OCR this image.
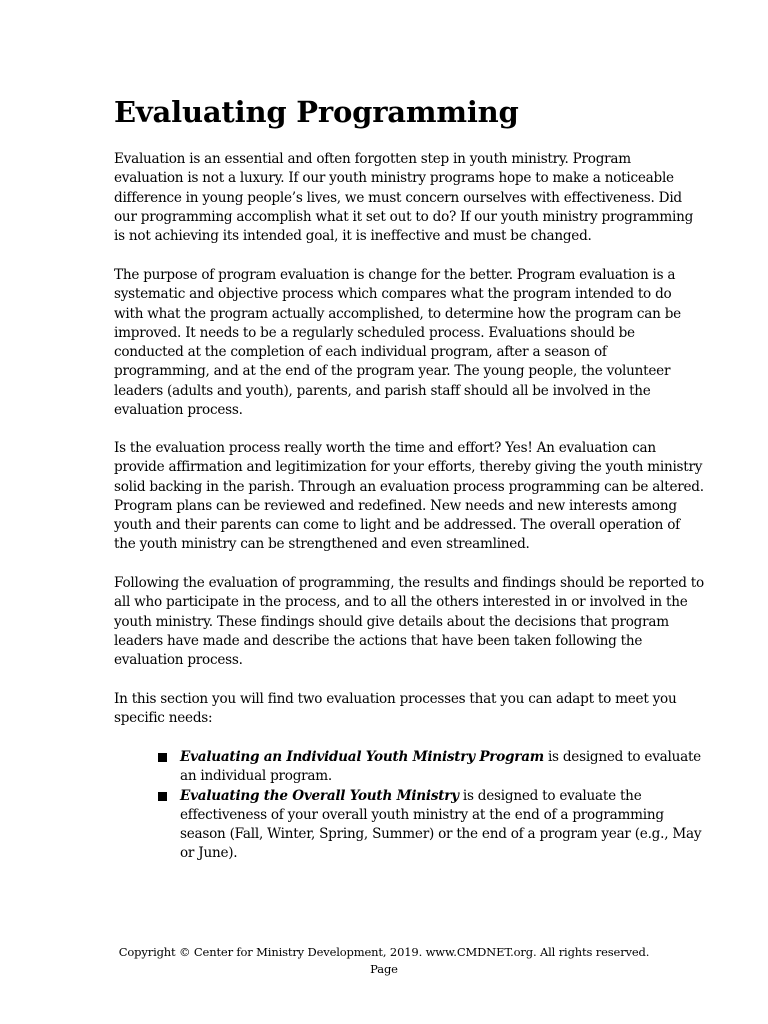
Evaluating Programming

Evaluation is an essential and often forgotten step in youth ministry. Program evaluation is not a luxury. If our youth ministry programs hope to make a noticeable difference in young people’s lives, we must concern ourselves with effectiveness. Did our programming accomplish what it set out to do? If our youth ministry programming is not achieving its intended goal, it is ineffective and must be changed.

The purpose of program evaluation is change for the better. Program evaluation is a systematic and objective process which compares what the program intended to do with what the program actually accomplished, to determine how the program can be improved. It needs to be a regularly scheduled process. Evaluations should be conducted at the completion of each individual program, after a season of programming, and at the end of the program year. The young people, the volunteer leaders (adults and youth), parents, and parish staff should all be involved in the evaluation process.

Is the evaluation process really worth the time and effort? Yes! An evaluation can provide affirmation and legitimization for your efforts, thereby giving the youth ministry solid backing in the parish. Through an evaluation process programming can be altered. Program plans can be reviewed and redefined. New needs and new interests among youth and their parents can come to light and be addressed. The overall operation of the youth ministry can be strengthened and even streamlined.

Following the evaluation of programming, the results and findings should be reported to all who participate in the process, and to all the others interested in or involved in the youth ministry. These findings should give details about the decisions that program leaders have made and describe the actions that have been taken following the evaluation process.

In this section you will find two evaluation processes that you can adapt to meet you specific needs:

Evaluating an Individual Youth Ministry Program is designed to evaluate an individual program.
Evaluating the Overall Youth Ministry is designed to evaluate the effectiveness of your overall youth ministry at the end of a programming season (Fall, Winter, Spring, Summer) or the end of a program year (e.g., May or June).

Copyright © Center for Ministry Development, 2019. www.CMDNET.org. All rights reserved.

Page
